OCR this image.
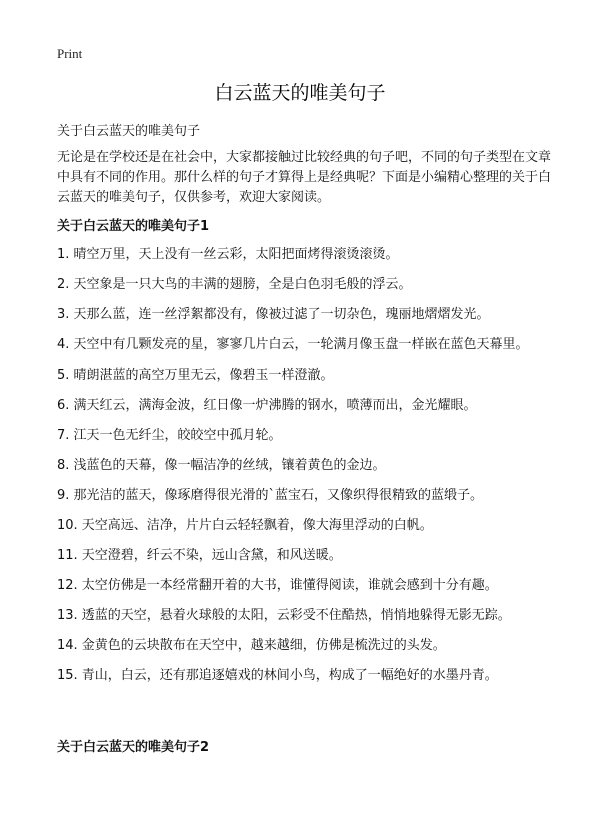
Print
白云蓝天的唯美句子

关于白云蓝天的唯美句子

无论是在学校还是在社会中，大家都接触过比较经典的句子吧，不同的句子类型在文章中具有不同的作用。那什么样的句子才算得上是经典呢？下面是小编精心整理的关于白云蓝天的唯美句子，仅供参考，欢迎大家阅读。

关于白云蓝天的唯美句子1
1. 晴空万里，天上没有一丝云彩，太阳把面烤得滚烫滚烫。
2. 天空象是一只大鸟的丰满的翅膀，全是白色羽毛般的浮云。
3. 天那么蓝，连一丝浮絮都没有，像被过滤了一切杂色，瑰丽地熠熠发光。
4. 天空中有几颗发亮的星，寥寥几片白云，一轮满月像玉盘一样嵌在蓝色天幕里。
5. 晴朗湛蓝的高空万里无云，像碧玉一样澄澈。
6. 满天红云，满海金波，红日像一炉沸腾的钢水，喷薄而出，金光耀眼。
7. 江天一色无纤尘，皎皎空中孤月轮。
8. 浅蓝色的天幕，像一幅洁净的丝绒，镶着黄色的金边。
9. 那光洁的蓝天，像琢磨得很光滑的`蓝宝石，又像织得很精致的蓝缎子。
10. 天空高远、洁净，片片白云轻轻飘着，像大海里浮动的白帆。
11. 天空澄碧，纤云不染，远山含黛，和风送暖。
12. 太空仿佛是一本经常翻开着的大书，谁懂得阅读，谁就会感到十分有趣。
13. 透蓝的天空，悬着火球般的太阳，云彩受不住酷热，悄悄地躲得无影无踪。
14. 金黄色的云块散布在天空中，越来越细，仿佛是梳洗过的头发。
15. 青山，白云，还有那追逐嬉戏的林间小鸟，构成了一幅绝好的水墨丹青。
关于白云蓝天的唯美句子2
